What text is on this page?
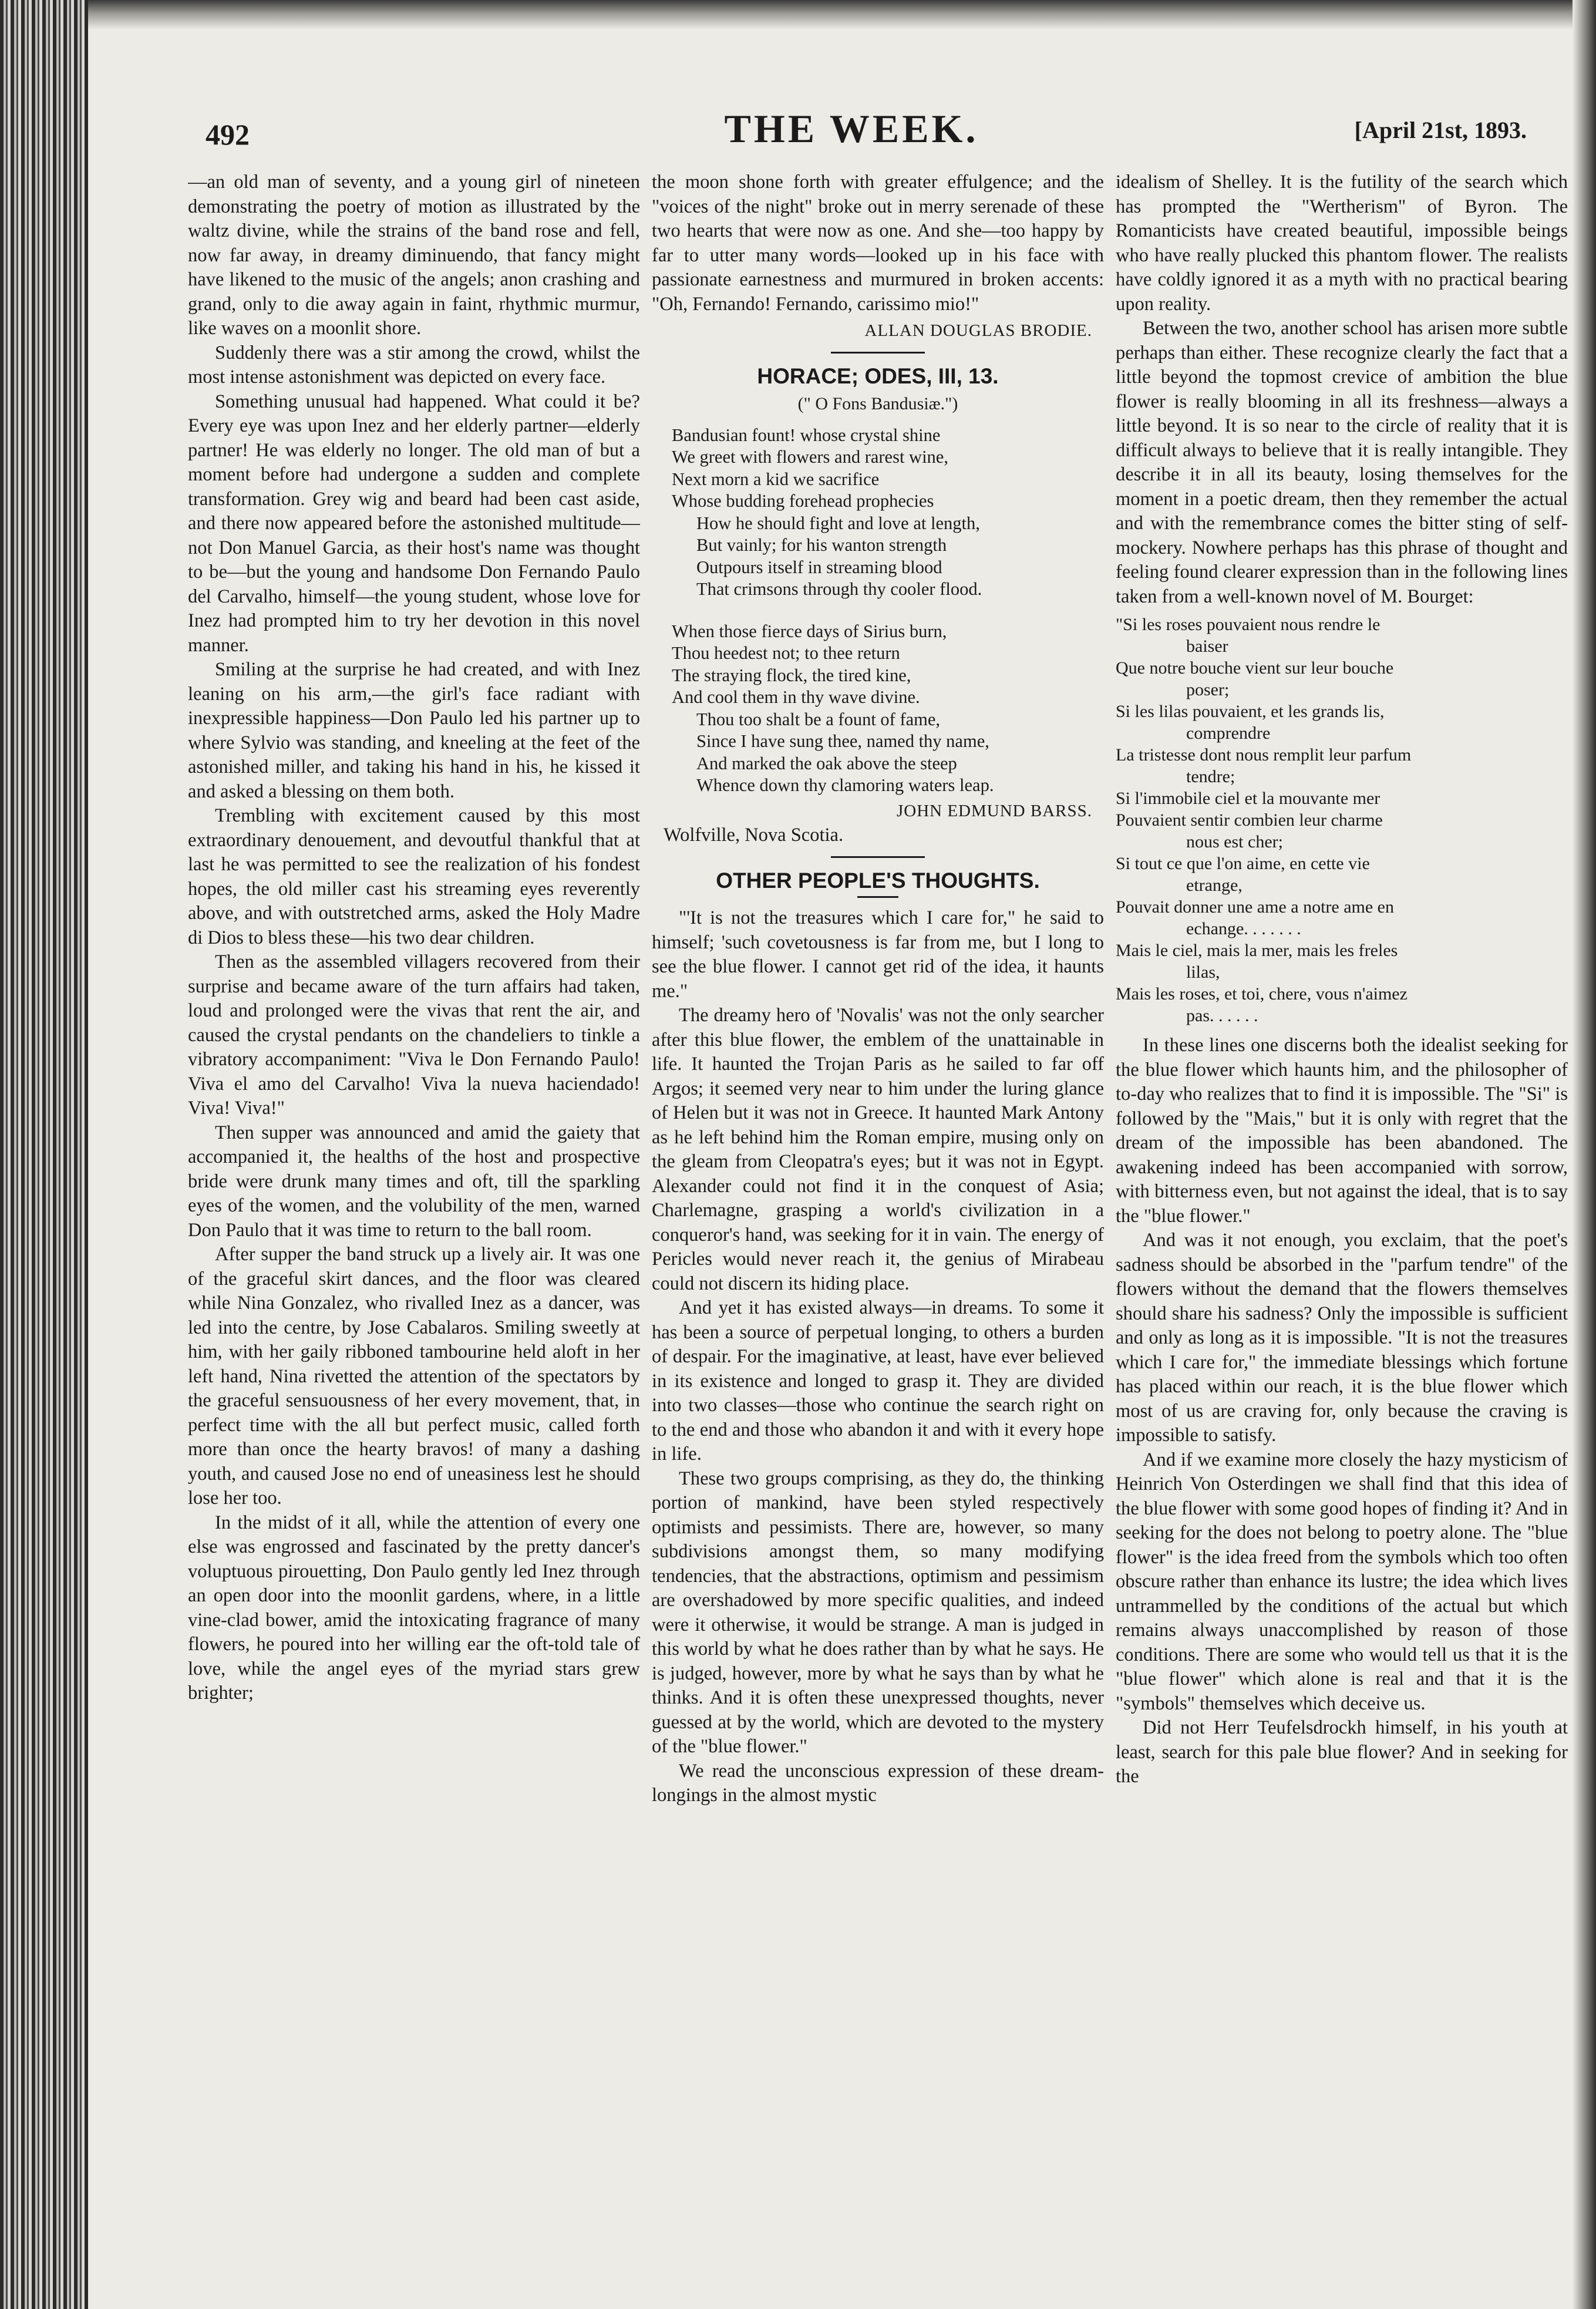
492	THE WEEK.	[April 21st, 1893.

—an old man of seventy, and a young girl of nineteen demonstrating the poetry of motion as illustrated by the waltz divine, while the strains of the band rose and fell, now far away, in dreamy diminuendo, that fancy might have likened to the music of the angels; anon crashing and grand, only to die away again in faint, rhythmic murmur, like waves on a moonlit shore.

Suddenly there was a stir among the crowd, whilst the most intense astonishment was depicted on every face.

Something unusual had happened. What could it be? Every eye was upon Inez and her elderly partner—elderly partner! He was elderly no longer. The old man of but a moment before had undergone a sudden and complete transformation. Grey wig and beard had been cast aside, and there now appeared before the astonished multitude—not Don Manuel Garcia, as their host's name was thought to be—but the young and handsome Don Fernando Paulo del Carvalho, himself—the young student, whose love for Inez had prompted him to try her devotion in this novel manner.

Smiling at the surprise he had created, and with Inez leaning on his arm,—the girl's face radiant with inexpressible happiness—Don Paulo led his partner up to where Sylvio was standing, and kneeling at the feet of the astonished miller, and taking his hand in his, he kissed it and asked a blessing on them both.

Trembling with excitement caused by this most extraordinary denouement, and devoutful thankful that at last he was permitted to see the realization of his fondest hopes, the old miller cast his streaming eyes reverently above, and with outstretched arms, asked the Holy Madre di Dios to bless these—his two dear children.

Then as the assembled villagers recovered from their surprise and became aware of the turn affairs had taken, loud and prolonged were the vivas that rent the air, and caused the crystal pendants on the chandeliers to tinkle a vibratory accompaniment: "Viva le Don Fernando Paulo! Viva el amo del Carvalho! Viva la nueva haciendado! Viva! Viva!"

Then supper was announced and amid the gaiety that accompanied it, the healths of the host and prospective bride were drunk many times and oft, till the sparkling eyes of the women, and the volubility of the men, warned Don Paulo that it was time to return to the ball room.

After supper the band struck up a lively air. It was one of the graceful skirt dances, and the floor was cleared while Nina Gonzalez, who rivalled Inez as a dancer, was led into the centre, by Jose Cabalaros. Smiling sweetly at him, with her gaily ribboned tambourine held aloft in her left hand, Nina rivetted the attention of the spectators by the graceful sensuousness of her every movement, that, in perfect time with the all but perfect music, called forth more than once the hearty bravos! of many a dashing youth, and caused Jose no end of uneasiness lest he should lose her too.

In the midst of it all, while the attention of every one else was engrossed and fascinated by the pretty dancer's voluptuous pirouetting, Don Paulo gently led Inez through an open door into the moonlit gardens, where, in a little vine-clad bower, amid the intoxicating fragrance of many flowers, he poured into her willing ear the oft-told tale of love, while the angel eyes of the myriad stars grew brighter;

the moon shone forth with greater effulgence; and the "voices of the night" broke out in merry serenade of these two hearts that were now as one. And she—too happy by far to utter many words—looked up in his face with passionate earnestness and murmured in broken accents: "Oh, Fernando! Fernando, carissimo mio!"

ALLAN DOUGLAS BRODIE.
HORACE; ODES, III, 13.
(" O Fons Bandusiæ.")
Bandusian fount! whose crystal shine
We greet with flowers and rarest wine,
Next morn a kid we sacrifice
Whose budding forehead prophecies
How he should fight and love at length,
But vainly; for his wanton strength
Outpours itself in streaming blood
That crimsons through thy cooler flood.
When those fierce days of Sirius burn,
Thou heedest not; to thee return
The straying flock, the tired kine,
And cool them in thy wave divine.
Thou too shalt be a fount of fame,
Since I have sung thee, named thy name,
And marked the oak above the steep
Whence down thy clamoring waters leap.
JOHN EDMUND BARSS.
Wolfville, Nova Scotia.
OTHER PEOPLE'S THOUGHTS.

"'It is not the treasures which I care for," he said to himself; 'such covetousness is far from me, but I long to see the blue flower. I cannot get rid of the idea, it haunts me."

The dreamy hero of 'Novalis' was not the only searcher after this blue flower, the emblem of the unattainable in life. It haunted the Trojan Paris as he sailed to far off Argos; it seemed very near to him under the luring glance of Helen but it was not in Greece. It haunted Mark Antony as he left behind him the Roman empire, musing only on the gleam from Cleopatra's eyes; but it was not in Egypt. Alexander could not find it in the conquest of Asia; Charlemagne, grasping a world's civilization in a conqueror's hand, was seeking for it in vain. The energy of Pericles would never reach it, the genius of Mirabeau could not discern its hiding place.

And yet it has existed always—in dreams. To some it has been a source of perpetual longing, to others a burden of despair. For the imaginative, at least, have ever believed in its existence and longed to grasp it. They are divided into two classes—those who continue the search right on to the end and those who abandon it and with it every hope in life.

These two groups comprising, as they do, the thinking portion of mankind, have been styled respectively optimists and pessimists. There are, however, so many subdivisions amongst them, so many modifying tendencies, that the abstractions, optimism and pessimism are overshadowed by more specific qualities, and indeed were it otherwise, it would be strange. A man is judged in this world by what he does rather than by what he says. He is judged, however, more by what he says than by what he thinks. And it is often these unexpressed thoughts, never guessed at by the world, which are devoted to the mystery of the "blue flower."

We read the unconscious expression of these dream-longings in the almost mystic

idealism of Shelley. It is the futility of the search which has prompted the "Wertherism" of Byron. The Romanticists have created beautiful, impossible beings who have really plucked this phantom flower. The realists have coldly ignored it as a myth with no practical bearing upon reality.

Between the two, another school has arisen more subtle perhaps than either. These recognize clearly the fact that a little beyond the topmost crevice of ambition the blue flower is really blooming in all its freshness—always a little beyond. It is so near to the circle of reality that it is difficult always to believe that it is really intangible. They describe it in all its beauty, losing themselves for the moment in a poetic dream, then they remember the actual and with the remembrance comes the bitter sting of self-mockery. Nowhere perhaps has this phrase of thought and feeling found clearer expression than in the following lines taken from a well-known novel of M. Bourget:

"Si les roses pouvaient nous rendre le
baiser
Que notre bouche vient sur leur bouche
poser;
Si les lilas pouvaient, et les grands lis,
comprendre
La tristesse dont nous remplit leur parfum
tendre;
Si l'immobile ciel et la mouvante mer
Pouvaient sentir combien leur charme
nous est cher;
Si tout ce que l'on aime, en cette vie
etrange,
Pouvait donner une ame a notre ame en
echange. . . . . . .
Mais le ciel, mais la mer, mais les freles
lilas,
Mais les roses, et toi, chere, vous n'aimez
pas. . . . . .

In these lines one discerns both the idealist seeking for the blue flower which haunts him, and the philosopher of to-day who realizes that to find it is impossible. The "Si" is followed by the "Mais," but it is only with regret that the dream of the impossible has been abandoned. The awakening indeed has been accompanied with sorrow, with bitterness even, but not against the ideal, that is to say the "blue flower."

And was it not enough, you exclaim, that the poet's sadness should be absorbed in the "parfum tendre" of the flowers without the demand that the flowers themselves should share his sadness? Only the impossible is sufficient and only as long as it is impossible. "It is not the treasures which I care for," the immediate blessings which fortune has placed within our reach, it is the blue flower which most of us are craving for, only because the craving is impossible to satisfy.

And if we examine more closely the hazy mysticism of Heinrich Von Osterdingen we shall find that this idea of the blue flower with some good hopes of finding it? And in seeking for the does not belong to poetry alone. The "blue flower" is the idea freed from the symbols which too often obscure rather than enhance its lustre; the idea which lives untrammelled by the conditions of the actual but which remains always unaccomplished by reason of those conditions. There are some who would tell us that it is the "blue flower" which alone is real and that it is the "symbols" themselves which deceive us.

Did not Herr Teufelsdrockh himself, in his youth at least, search for this pale blue flower? And in seeking for the
